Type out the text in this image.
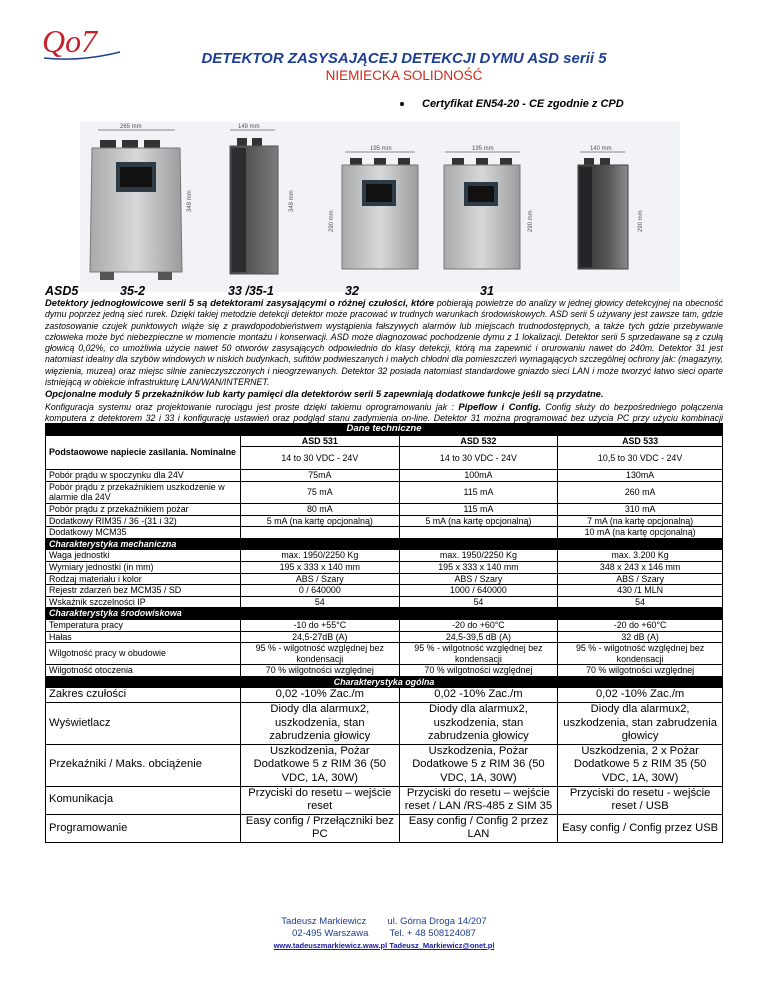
Qo7	DETEKTOR ZASYSAJĄCEJ DETEKCJI DYMU ASD serii 5
NIEMIECKA SOLIDNOŚĆ
Certyfikat EN54-20 - CE zgodnie z CPD
265 mm
348 mm
148 mm
348 mm
195 mm
290 mm
195 mm
290 mm
140 mm
290 mm
ASD5	35-2	33 /35-1	32	31
Detektory jednogłowicowe serii 5 są detektorami zasysającymi o różnej czułości, które pobierają powietrze do analizy w jednej głowicy detekcyjnej na obecność dymu poprzez jedną sieć rurek. Dzięki takiej metodzie detekcji detektor może pracować w trudnych warunkach środowiskowych. ASD serii 5 używany jest zawsze tam, gdzie zastosowanie czujek punktowych wiąże się z prawdopodobieństwem wystąpienia fałszywych alarmów lub miejscach trudnodostępnych, a także tych gdzie przebywanie człowieka może być niebezpieczne w momencie montażu i konserwacji. ASD może diagnozować pochodzenie dymu z 1 lokalizacji. Detektor serii 5 sprzedawane są z czułą głowicą 0,02%, co umożliwia użycie nawet 50 otworów zasysających odpowiednio do klasy detekcji, którą ma zapewnić i orurowaniu nawet do 240m. Detektor 31 jest natomiast idealny dla szybów windowych w niskich budynkach, sufitów podwieszanych i małych chłodni dla pomieszczeń wymagających szczególnej ochrony jak: (magazyny, więzienia, muzea) oraz miejsc silnie zanieczyszczonych i nieogrzewanych. Detektor 32 posiada natomiast standardowe gniazdo sieci LAN i może tworzyć łatwo sieci oparte istniejącą w obiekcie infrastrukturę LAN/WAN/INTERNET.
Opcjonalne moduły 5 przekaźników lub karty pamięci dla detektorów serii 5 zapewniają dodatkowe funkcje jeśli są przydatne.
Konfiguracja systemu oraz projektowanie rurociągu jest proste dzięki takiemu oprogramowaniu jak : Pipeflow i Config. Config służy do bezpośredniego połączenia komputera z detektorem 32 i 33 i konfigurację ustawień oraz podgląd stanu zadymienia on-line. Detektor 31 można programować bez użycia PC przy użyciu kombinacji
Dane techniczne			
Podstaowowe napiecie zasilania. Nominalne	ASD 531	ASD 532	ASD 533
	14 to 30 VDC - 24V	14 to 30 VDC - 24V	10,5 to 30 VDC - 24V
Pobór prądu w spoczynku dla 24V	75mA	100mA	130mA
Pobór prądu z przekaźnikiem uszkodzenie w alarmie dla 24V	75 mA	115 mA	260 mA
Pobór prądu z przekaźnikiem pożar	80 mA	115 mA	310 mA
Dodatkowy RIM35 / 36 -(31 i 32)	5 mA (na kartę opcjonalną)	5 mA (na kartę opcjonalną)	7 mA (na kartę opcjonalną)
Dodatkowy MCM35			10 mA (na kartę opcjonalną)
Charakterystyka mechaniczna			
Waga jednostki	max. 1950/2250 Kg	max. 1950/2250 Kg	max. 3.200 Kg
Wymiary jednostki (in mm)	195 x 333 x 140 mm	195 x 333 x 140 mm	348 x 243 x 146 mm
Rodzaj materiału i kolor	ABS / Szary	ABS / Szary	ABS / Szary
Rejestr zdarzeń bez MCM35 / SD	0 / 640000	1000 / 640000	430 /1 MLN
Wskaźnik szczelności IP	54	54	54
Charakterystyka środowiskowa			
Temperatura pracy	-10 do +55°C	-20 do +60°C	-20 do +60°C
Hałas	24,5-27dB (A)	24,5-39,5 dB (A)	32 dB (A)
Wilgotność pracy w obudowie	95 % - wilgotność względnej bez kondensacji	95 % - wilgotność względnej bez kondensacji	95 % - wilgotność względnej bez kondensacji
Wilgotność otoczenia	70 % wilgotności względnej	70 % wilgotności względnej	70 % wilgotności względnej
Charakterystyka ogólna			
Zakres czułości	0,02 -10% Zac./m	0,02 -10% Zac./m	0,02 -10% Zac./m
Wyświetlacz	Diody dla alarmux2, uszkodzenia, stan zabrudzenia głowicy	Diody dla alarmux2, uszkodzenia, stan zabrudzenia głowicy	Diody dla alarmux2, uszkodzenia, stan zabrudzenia głowicy
Przekaźniki / Maks. obciążenie	Uszkodzenia, Pożar Dodatkowe 5 z RIM 36 (50 VDC, 1A, 30W)	Uszkodzenia, Pożar Dodatkowe 5 z RIM 36 (50 VDC, 1A, 30W)	Uszkodzenia, 2 x Pożar Dodatkowe 5 z RIM 35 (50 VDC, 1A, 30W)
Komunikacja	Przyciski do resetu – wejście reset	Przyciski do resetu – wejście reset / LAN /RS-485 z SIM 35	Przyciski do resetu - wejście reset / USB
Programowanie	Easy config / Przełączniki bez PC	Easy config / Config 2 przez LAN	Easy config / Config przez USB
Tadeusz Markiewicz ul. Górna Droga 14/207
02-495 Warszawa Tel. + 48 508124087
www.tadeuszmarkiewicz.waw.pl Tadeusz_Markiewicz@onet.pl
